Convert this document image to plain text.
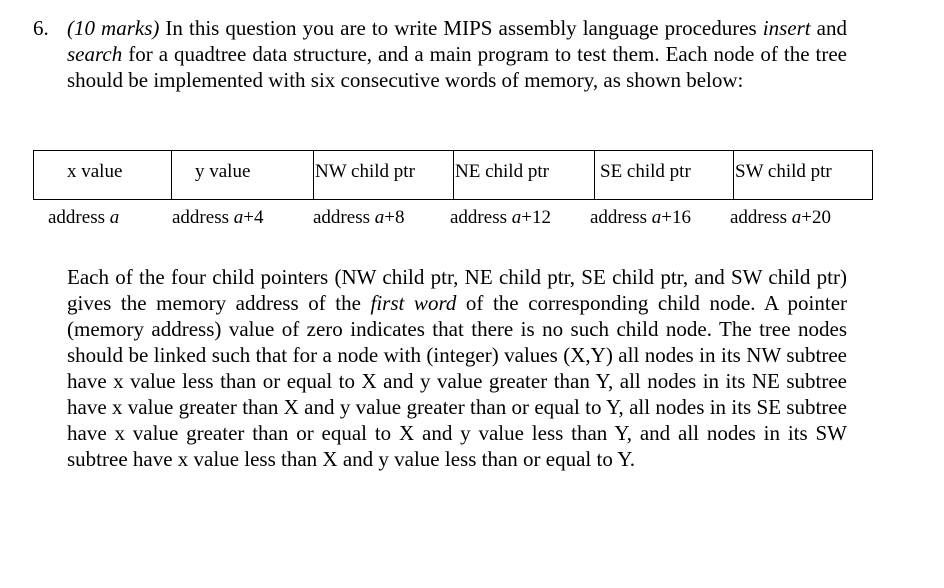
6. (10 marks) In this question you are to write MIPS assembly language procedures insert and search for a quadtree data structure, and a main program to test them. Each node of the tree should be implemented with six consecutive words of memory, as shown below:
x value	y value	NW child ptr	NE child ptr	SE child ptr	SW child ptr
address a	address a+4	address a+8 address a+12 address a+16 address a+20
Each of the four child pointers (NW child ptr, NE child ptr, SE child ptr, and SW child ptr) gives the memory address of the first word of the corresponding child node. A pointer (memory address) value of zero indicates that there is no such child node. The tree nodes should be linked such that for a node with (integer) values (X,Y) all nodes in its NW subtree have x value less than or equal to X and y value greater than Y, all nodes in its NE subtree have x value greater than X and y value greater than or equal to Y, all nodes in its SE subtree have x value greater than or equal to X and y value less than Y, and all nodes in its SW subtree have x value less than X and y value less than or equal to Y.
